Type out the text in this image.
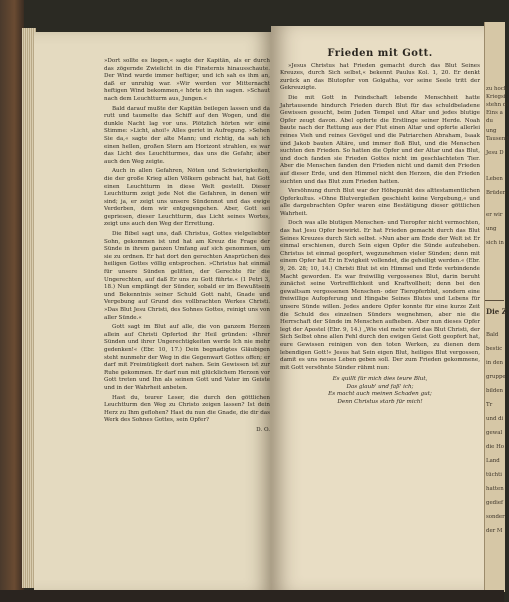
»Dort sollte es liegen,« sagte der Kapitän, als er durch das zögernde Zwielicht in die Finsternis hinausschaute. Der Wind wurde immer heftiger, und ich sah es ihm an, daß er unruhig war. »Wir werden vor Mitternacht heftigen Wind bekommen,« hörte ich ihn sagen. »Schaut nach dem Leuchtturm aus, Jungen.«

Bald darauf mußte der Kapitän beilegen lassen und da rutt und taumelte das Schiff auf den Wogen, und die dunkle Nacht lag vor uns. Plötzlich hörten wir eine Stimme: »Licht, ahoi!« Alles geriet in Aufregung. »Sehen Sie da,« sagte der alte Mann; und richtig, da sah ich einen hellen, großen Stern am Horizont strahlen, es war das Licht des Leuchtturmes, das uns die Gefahr, aber auch den Weg zeigte.

Auch in allen Gefahren, Nöten und Schwierigkeiten, die der große Krieg allen Völkern gebracht hat, hat Gott einen Leuchtturm in diese Welt gestellt. Dieser Leuchtturm zeigt jede Not die Gefahren, in denen wir sind; ja, er zeigt uns unsere Sündennot und das ewige Verderben, dem wir entgegengehen. Aber, Gott sei gepriesen, dieser Leuchtturm, das Licht seines Wortes, zeigt uns auch den Weg der Errettung.

Die Bibel sagt uns, daß Christus, Gottes vielgeliebter Sohn, gekommen ist und hat am Kreuz die Frage der Sünde in ihrem ganzen Umfang auf sich genommen, um sie zu ordnen. Er hat dort den gerechten Ansprüchen des heiligen Gottes völlig entsprochen. »Christus hat einmal für unsere Sünden gelitten, der Gerechte für die Ungerechten, auf daß Er uns zu Gott führte.« (1 Petri 3, 18.) Nun empfängt der Sünder, sobald er im Bewußtsein und Bekenntnis seiner Schuld Gott naht, Gnade und Vergebung auf Grund des vollbrachten Werkes Christi. »Das Blut Jesu Christi, des Sohnes Gottes, reinigt uns von aller Sünde.«

Gott sagt im Blut auf alle, die von ganzem Herzen allein auf Christi Opfertod ihr Heil gründen: »Ihrer Sünden und ihrer Ungerechtigkeiten werde Ich nie mehr gedenken!« (Ebr. 10, 17.) Dein begnadigtes Gläubigen steht nunmehr der Weg in die Gegenwart Gottes offen; er darf mit Freimütigkeit dort nahen. Sein Gewissen ist zur Ruhe gekommen. Er darf nun mit glücklichem Herzen vor Gott treten und Ihn als seinen Gott und Vater im Geiste und in der Wahrheit anbeten.

Hast du, teurer Leser, die durch den göttlichen Leuchtturm den Weg zu Christo zeigen lassen? Ist dein Herz zu Ihm geflohen? Hast du nun die Gnade, die dir das Werk des Sohnes Gottes, sein Opfer?

D. O.

Frieden mit Gott.

»Jesus Christus hat Frieden gemacht durch das Blut Seines Kreuzes, durch Sich selbst,« bekennt Paulus Kol. 1, 20. Er denkt zurück an das Blutopfer von Golgatha, vor seine Seele tritt der Gekreuzigte.

Die mit Gott in Feindschaft lebende Menschheit hatte Jahrtausende hindurch Frieden durch Blut für das schuldbeladene Gewissen gesucht, beim Juden Tempel und Altar und jedes blutige Opfer zeugt davon. Abel opferte die Erstlinge seiner Herde. Noah baute nach der Rettung aus der Flut einen Altar und opferte allerlei reines Vieh und reines Gevögel und die Patriarchen Abraham, Isaak und Jakob bauten Altäre, und immer floß Blut, und die Menschen suchten den Frieden. So hatten die Opfer und der Altar und das Blut, und doch fanden sie Frieden Gottes nicht im geschlachteten Tier. Aber die Menschen fanden den Frieden nicht und damit den Frieden auf dieser Erde, und den Himmel nicht den Herzen, die den Frieden suchten und das Blut zum Frieden hatten.

Versöhnung durch Blut war der Höhepunkt des alttestamentlichen Opferkultus. »Ohne Blutvergießen geschieht keine Vergebung,« und alle dargebrachten Opfer waren eine Bestätigung dieser göttlichen Wahrheit.

Doch was alle blutigen Menschen- und Tieropfer nicht vermochten, das hat Jesu Opfer bewirkt. Er hat Frieden gemacht durch das Blut Seines Kreuzes durch Sich selbst. »Nun aber am Ende der Welt ist Er einmal erschienen, durch Sein eigen Opfer die Sünde aufzuheben. Christus ist einmal geopfert, wegzunehmen vieler Sünden; denn mit einem Opfer hat Er in Ewigkeit vollendet, die geheiligt werden.« (Ebr. 9, 26. 28; 10, 14.) Christi Blut ist ein Himmel und Erde verbindende Macht geworden. Es war freiwillig vergossenes Blut, darin beruht zunächst seine Vortrefflichkeit und Kraftvollheit; denn bei den gewaltsam vergossenen Menschen- oder Tieropferblut, sondern eine freiwillige Aufopferung und Hingabe Seines Blutes und Lebens für unsere Sünde willen. Jedes andere Opfer konnte für eine kurze Zeit die Schuld des einzelnen Sünders wegnehmen, aber nie die Herrschaft der Sünde im Menschen aufheben. Aber nun dieses Opfer legt der Apostel (Ebr. 9, 14.) „Wie viel mehr wird das Blut Christi, der Sich Selbst ohne allen Fehl durch den ewigen Geist Gott geopfert hat, eure Gewissen reinigen von den toten Werken, zu dienen dem lebendigen Gott!« Jesus hat Sein eigen Blut, heiliges Blut vergossen, damit es uns neues Leben geben soll. Der zum Frieden gekommene, mit Gott versöhnte Sünder rühmt nun:

Es quillt für mich dies teure Blut,
Das glaub' und faß' ich;
Es macht auch meinen Schaden gut;
Denn Christus starb für mich!
zu hoch
Kriegsf
stehn di
Eins a
du
ung
Tausend
Jesu D
Leben
Brüden
er wir
ung
sich in
Die Z
Bald
bestic
in den
gruppe
bilden
Tr
und di
gewal
die Ho
Land
tüchti
hatten
gedief
sonder
der M
